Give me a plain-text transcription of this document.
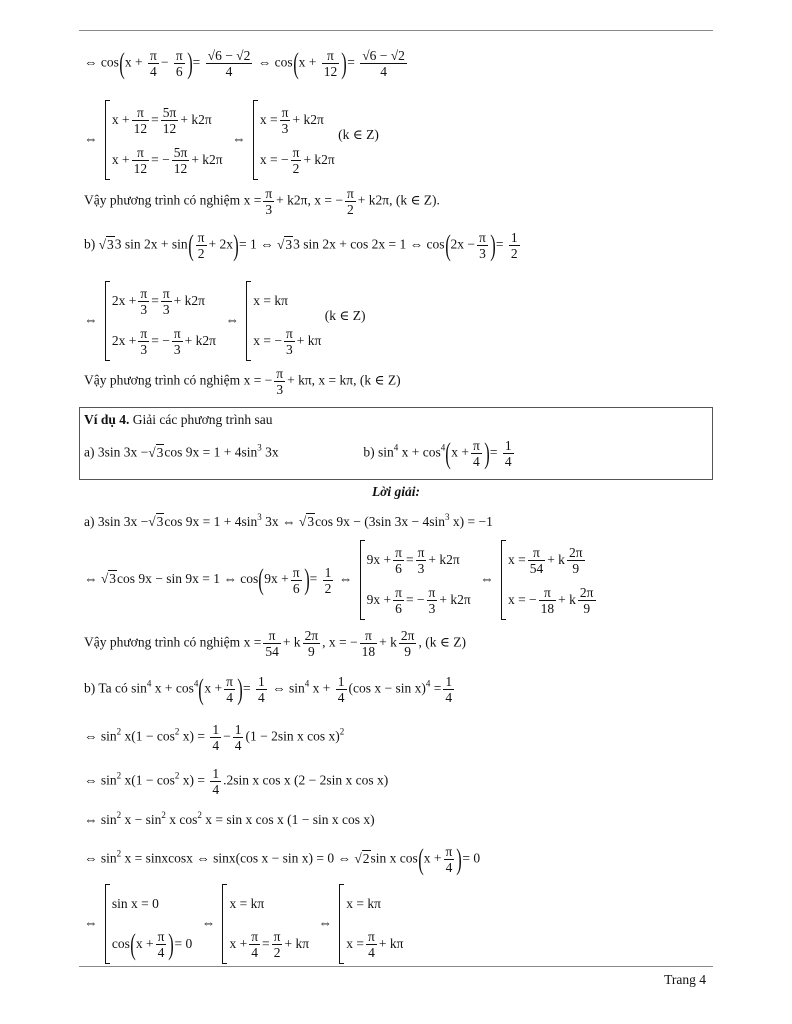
⇔ $\cos(x + \frac{\pi}{4} - \frac{\pi}{6}$ )= $\frac{√6 - √2}{4}$ ⇔ $\cos(x + \frac{\pi}{12}$ )= $\frac{√6 - √2}{4}$
⇔
$x + \frac{\pi}{12} = \frac{5\pi}{12} + k2\pi$
$x + \frac{\pi}{12}$ = − $\frac{5\pi}{12} + k2\pi$
⇔
$x = \frac{\pi}{3} + k2\pi$
x = − $\frac{\pi}{2} + k2\pi$
(k ∈ Z)
Vậy phương trình có nghiệm $x = \frac{\pi}{3} + k2\pi$, x = − $\frac{\pi}{2} + k2\pi$, (k ∈ Z).
b) √33 $\sin 2x + \sin( \frac{\pi}{2} + 2x)= 1$ ⇔ √33 sin 2x + cos 2x = 1 ⇔ $\cos(2x - \frac{\pi}{3}$ )= $\frac{1}{2}$
⇔
$2x + \frac{\pi}{3} = \frac{\pi}{3} + k2\pi$
$2x + \frac{\pi}{3}$ = − $\frac{\pi}{3} + k2\pi$
⇔
x = kπ
x = − $\frac{\pi}{3} + k\pi$
(k ∈ Z)
Vậy phương trình có nghiệm x = − $\frac{\pi}{3} + k\pi$, x = kπ, (k ∈ Z)
Ví dụ 4. Giải các phương trình sau
a) 3sin 3x −√3cos $9x = 1 + 4\sin^3$ 3x	b) $\sin^4 x + \cos^4(x + \frac{\pi}{4}$ )= $\frac{1}{4}$
Lời giải:
a) 3sin 3x −√3cos $9x = 1 + 4\sin^3$ 3x ⇔ √3cos 9x − (3sin $3x - 4\sin^3$ x) = −1
⇔ √3cos 9x − sin 9x = 1 ⇔ $\cos(9x + \frac{\pi}{6}$ )= $\frac{1}{2}$ ⇔
$9x + \frac{\pi}{6} = \frac{\pi}{3} + k2\pi$
$9x + \frac{\pi}{6}$ = − $\frac{\pi}{3} + k2\pi$
⇔
$x = \frac{\pi}{54} + k \frac{2\pi}{9}$
x = − $\frac{\pi}{18} + k \frac{2\pi}{9}$
Vậy phương trình có nghiệm $x = \frac{\pi}{54} + k \frac{2\pi}{9}$ , x = − $\frac{\pi}{18} + k \frac{2\pi}{9}$ , (k ∈ Z)
b) Ta có $\sin^4 x + \cos^4(x + \frac{\pi}{4}$ )= $\frac{1}{4}$ ⇔ $\sin^4 x + \frac{1}{4} (\cos$ $x - \sin x)^4 = \frac{1}{4}$
⇔ $\sin^2 x(1 - \cos^2 x) = \frac{1}{4} - \frac{1}{4} (1 - 2\sin$ x cos x)$^2$
⇔ $\sin^2 x(1 - \cos^2 x) = \frac{1}{4} .2\sin$ x cos x (2 − 2sin x cos x)
⇔ $\sin^2 x - \sin^2 x$ $\cos^2 x = \sin x$ cos x (1 − sin x cos x)
⇔ $\sin^2 x$ = sinxcosx ⇔ sinx(cos x − sin x) = 0 ⇔ √2sin x $\cos(x + \frac{\pi}{4}$ )= 0
⇔
sin x = 0
$\cos(x + \frac{\pi}{4}$ )= 0
⇔
x = kπ
$x + \frac{\pi}{4} = \frac{\pi}{2} + k\pi$
⇔
x = kπ
$x = \frac{\pi}{4} + k\pi$
Trang 4
